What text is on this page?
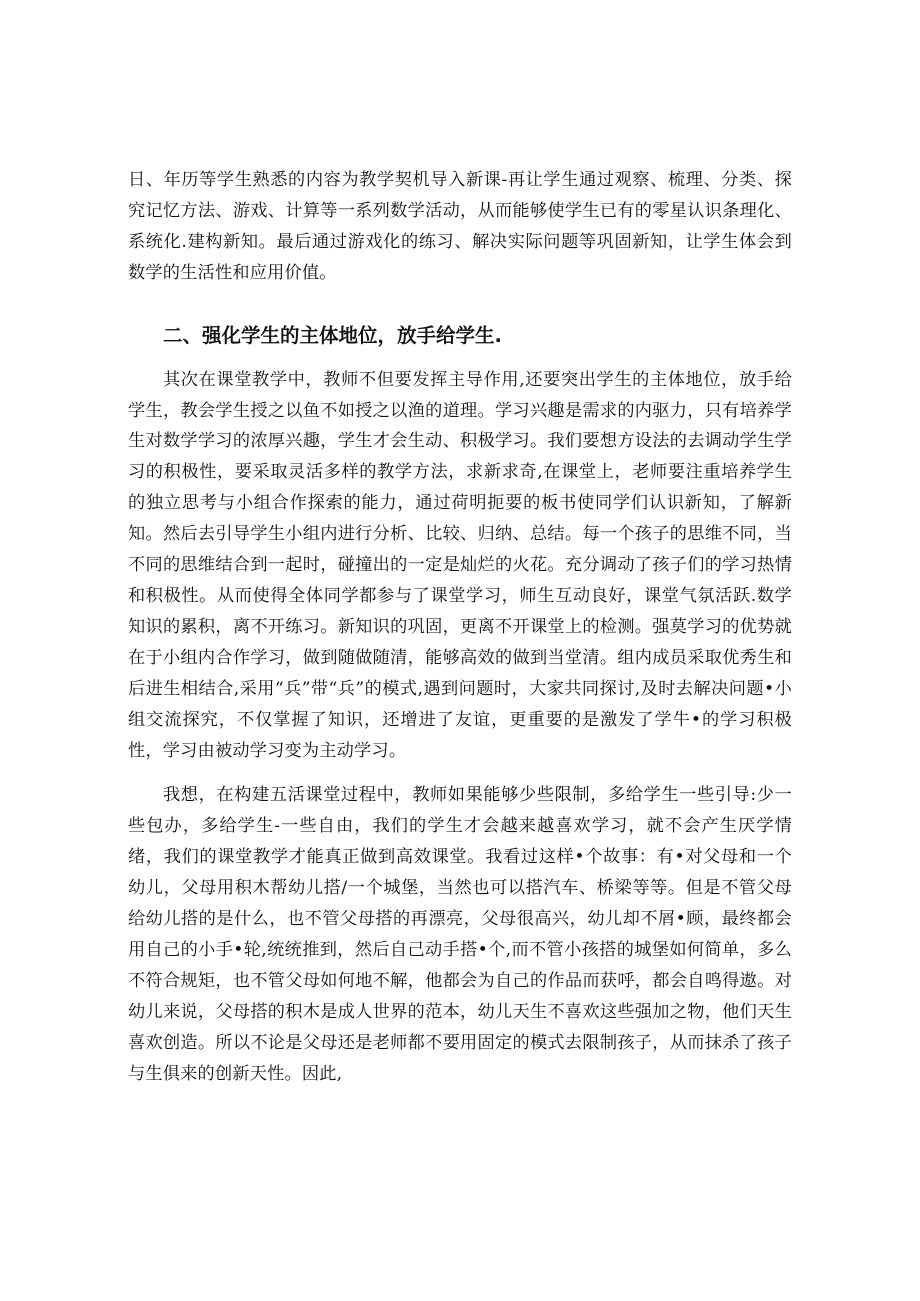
日、年历等学生熟悉的内容为教学契机导入新课-再让学生通过观察、梳理、分类、探究记忆方法、游戏、计算等一系列数学活动，从而能够使学生已有的零星认识条理化、系统化.建构新知。最后通过游戏化的练习、解决实际问题等巩固新知，让学生体会到数学的生活性和应用价值。

二、强化学生的主体地位，放手给学生.

其次在课堂教学中，教师不但要发挥主导作用,还要突出学生的主体地位，放手给学生，教会学生授之以鱼不如授之以渔的道理。学习兴趣是需求的内驱力，只有培养学生对数学学习的浓厚兴趣，学生才会生动、积极学习。我们要想方设法的去调动学生学习的积极性，要采取灵活多样的教学方法，求新求奇,在课堂上，老师要注重培养学生的独立思考与小组合作探索的能力，通过荷明扼要的板书使同学们认识新知，了解新知。然后去引导学生小组内进行分析、比较、归纳、总结。每一个孩子的思维不同，当不同的思维结合到一起时，碰撞出的一定是灿烂的火花。充分调动了孩子们的学习热情和积极性。从而使得全体同学都参与了课堂学习，师生互动良好，课堂气氛活跃.数学知识的累积，离不开练习。新知识的巩固，更离不开课堂上的检测。强莫学习的优势就在于小组内合作学习，做到随做随清，能够高效的做到当堂清。组内成员采取优秀生和后进生相结合,采用“兵”带“兵”的模式,遇到问题时，大家共同探讨,及时去解决问题•小组交流探究，不仅掌握了知识，还增进了友谊，更重要的是激发了学牛•的学习积极性，学习由被动学习变为主动学习。

我想，在构建五活课堂过程中，教师如果能够少些限制，多给学生一些引导:少一些包办，多给学生-一些自由，我们的学生才会越来越喜欢学习，就不会产生厌学情绪，我们的课堂教学才能真正做到高效课堂。我看过这样•个故事：有•对父母和一个幼儿，父母用积木帮幼儿搭/一个城堡，当然也可以搭汽车、桥梁等等。但是不管父母给幼儿搭的是什么，也不管父母搭的再漂亮，父母很高兴，幼儿却不屑•顾，最终都会用自己的小手•轮,统统推到，然后自己动手搭•个,而不管小孩搭的城堡如何简单，多么不符合规矩，也不管父母如何地不解，他都会为自己的作品而获呼，都会自鸣得遨。对幼儿来说，父母搭的积木是成人世界的范本，幼儿天生不喜欢这些强加之物，他们天生喜欢创造。所以不论是父母还是老师都不要用固定的模式去限制孩子，从而抹杀了孩子与生俱来的创新天性。因此,
